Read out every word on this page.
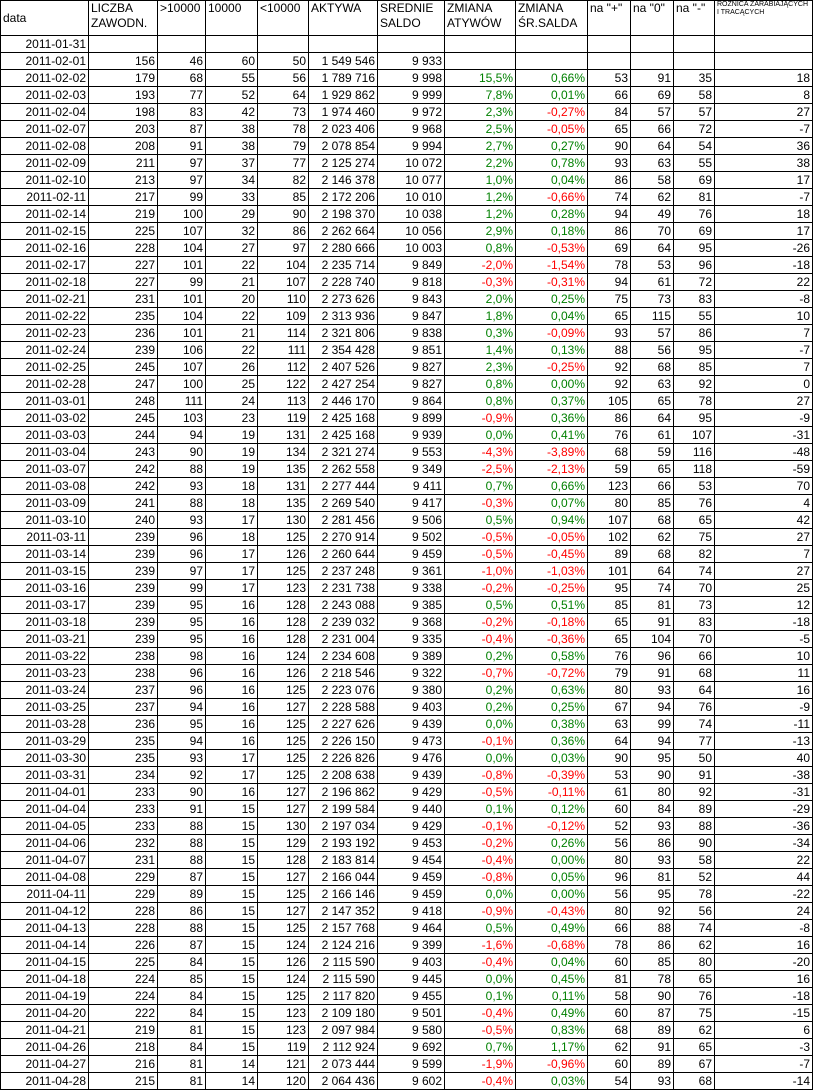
data	LICZBA ZAWODN.	>10000	10000	<10000	AKTYWA	SREDNIE SALDO	ZMIANA ATYWÓW	ZMIANA ŚR.SALDA	na "+"	na "0"	na "-"	RÓŻNICA ZARABIAJĄCYCH I TRACĄCYCH
2011-01-31												
2011-02-01	156	46	60	50	1 549 546	9 933						
2011-02-02	179	68	55	56	1 789 716	9 998	15,5%	0,66%	53	91	35	18
2011-02-03	193	77	52	64	1 929 862	9 999	7,8%	0,01%	66	69	58	8
2011-02-04	198	83	42	73	1 974 460	9 972	2,3%	-0,27%	84	57	57	27
2011-02-07	203	87	38	78	2 023 406	9 968	2,5%	-0,05%	65	66	72	-7
2011-02-08	208	91	38	79	2 078 854	9 994	2,7%	0,27%	90	64	54	36
2011-02-09	211	97	37	77	2 125 274	10 072	2,2%	0,78%	93	63	55	38
2011-02-10	213	97	34	82	2 146 378	10 077	1,0%	0,04%	86	58	69	17
2011-02-11	217	99	33	85	2 172 206	10 010	1,2%	-0,66%	74	62	81	-7
2011-02-14	219	100	29	90	2 198 370	10 038	1,2%	0,28%	94	49	76	18
2011-02-15	225	107	32	86	2 262 664	10 056	2,9%	0,18%	86	70	69	17
2011-02-16	228	104	27	97	2 280 666	10 003	0,8%	-0,53%	69	64	95	-26
2011-02-17	227	101	22	104	2 235 714	9 849	-2,0%	-1,54%	78	53	96	-18
2011-02-18	227	99	21	107	2 228 740	9 818	-0,3%	-0,31%	94	61	72	22
2011-02-21	231	101	20	110	2 273 626	9 843	2,0%	0,25%	75	73	83	-8
2011-02-22	235	104	22	109	2 313 936	9 847	1,8%	0,04%	65	115	55	10
2011-02-23	236	101	21	114	2 321 806	9 838	0,3%	-0,09%	93	57	86	7
2011-02-24	239	106	22	111	2 354 428	9 851	1,4%	0,13%	88	56	95	-7
2011-02-25	245	107	26	112	2 407 526	9 827	2,3%	-0,25%	92	68	85	7
2011-02-28	247	100	25	122	2 427 254	9 827	0,8%	0,00%	92	63	92	0
2011-03-01	248	111	24	113	2 446 170	9 864	0,8%	0,37%	105	65	78	27
2011-03-02	245	103	23	119	2 425 168	9 899	-0,9%	0,36%	86	64	95	-9
2011-03-03	244	94	19	131	2 425 168	9 939	0,0%	0,41%	76	61	107	-31
2011-03-04	243	90	19	134	2 321 274	9 553	-4,3%	-3,89%	68	59	116	-48
2011-03-07	242	88	19	135	2 262 558	9 349	-2,5%	-2,13%	59	65	118	-59
2011-03-08	242	93	18	131	2 277 444	9 411	0,7%	0,66%	123	66	53	70
2011-03-09	241	88	18	135	2 269 540	9 417	-0,3%	0,07%	80	85	76	4
2011-03-10	240	93	17	130	2 281 456	9 506	0,5%	0,94%	107	68	65	42
2011-03-11	239	96	18	125	2 270 914	9 502	-0,5%	-0,05%	102	62	75	27
2011-03-14	239	96	17	126	2 260 644	9 459	-0,5%	-0,45%	89	68	82	7
2011-03-15	239	97	17	125	2 237 248	9 361	-1,0%	-1,03%	101	64	74	27
2011-03-16	239	99	17	123	2 231 738	9 338	-0,2%	-0,25%	95	74	70	25
2011-03-17	239	95	16	128	2 243 088	9 385	0,5%	0,51%	85	81	73	12
2011-03-18	239	95	16	128	2 239 032	9 368	-0,2%	-0,18%	65	91	83	-18
2011-03-21	239	95	16	128	2 231 004	9 335	-0,4%	-0,36%	65	104	70	-5
2011-03-22	238	98	16	124	2 234 608	9 389	0,2%	0,58%	76	96	66	10
2011-03-23	238	96	16	126	2 218 546	9 322	-0,7%	-0,72%	79	91	68	11
2011-03-24	237	96	16	125	2 223 076	9 380	0,2%	0,63%	80	93	64	16
2011-03-25	237	94	16	127	2 228 588	9 403	0,2%	0,25%	67	94	76	-9
2011-03-28	236	95	16	125	2 227 626	9 439	0,0%	0,38%	63	99	74	-11
2011-03-29	235	94	16	125	2 226 150	9 473	-0,1%	0,36%	64	94	77	-13
2011-03-30	235	93	17	125	2 226 826	9 476	0,0%	0,03%	90	95	50	40
2011-03-31	234	92	17	125	2 208 638	9 439	-0,8%	-0,39%	53	90	91	-38
2011-04-01	233	90	16	127	2 196 862	9 429	-0,5%	-0,11%	61	80	92	-31
2011-04-04	233	91	15	127	2 199 584	9 440	0,1%	0,12%	60	84	89	-29
2011-04-05	233	88	15	130	2 197 034	9 429	-0,1%	-0,12%	52	93	88	-36
2011-04-06	232	88	15	129	2 193 192	9 453	-0,2%	0,26%	56	86	90	-34
2011-04-07	231	88	15	128	2 183 814	9 454	-0,4%	0,00%	80	93	58	22
2011-04-08	229	87	15	127	2 166 044	9 459	-0,8%	0,05%	96	81	52	44
2011-04-11	229	89	15	125	2 166 146	9 459	0,0%	0,00%	56	95	78	-22
2011-04-12	228	86	15	127	2 147 352	9 418	-0,9%	-0,43%	80	92	56	24
2011-04-13	228	88	15	125	2 157 768	9 464	0,5%	0,49%	66	88	74	-8
2011-04-14	226	87	15	124	2 124 216	9 399	-1,6%	-0,68%	78	86	62	16
2011-04-15	225	84	15	126	2 115 590	9 403	-0,4%	0,04%	60	85	80	-20
2011-04-18	224	85	15	124	2 115 590	9 445	0,0%	0,45%	81	78	65	16
2011-04-19	224	84	15	125	2 117 820	9 455	0,1%	0,11%	58	90	76	-18
2011-04-20	222	84	15	123	2 109 180	9 501	-0,4%	0,49%	60	87	75	-15
2011-04-21	219	81	15	123	2 097 984	9 580	-0,5%	0,83%	68	89	62	6
2011-04-26	218	84	15	119	2 112 924	9 692	0,7%	1,17%	62	91	65	-3
2011-04-27	216	81	14	121	2 073 444	9 599	-1,9%	-0,96%	60	89	67	-7
2011-04-28	215	81	14	120	2 064 436	9 602	-0,4%	0,03%	54	93	68	-14
